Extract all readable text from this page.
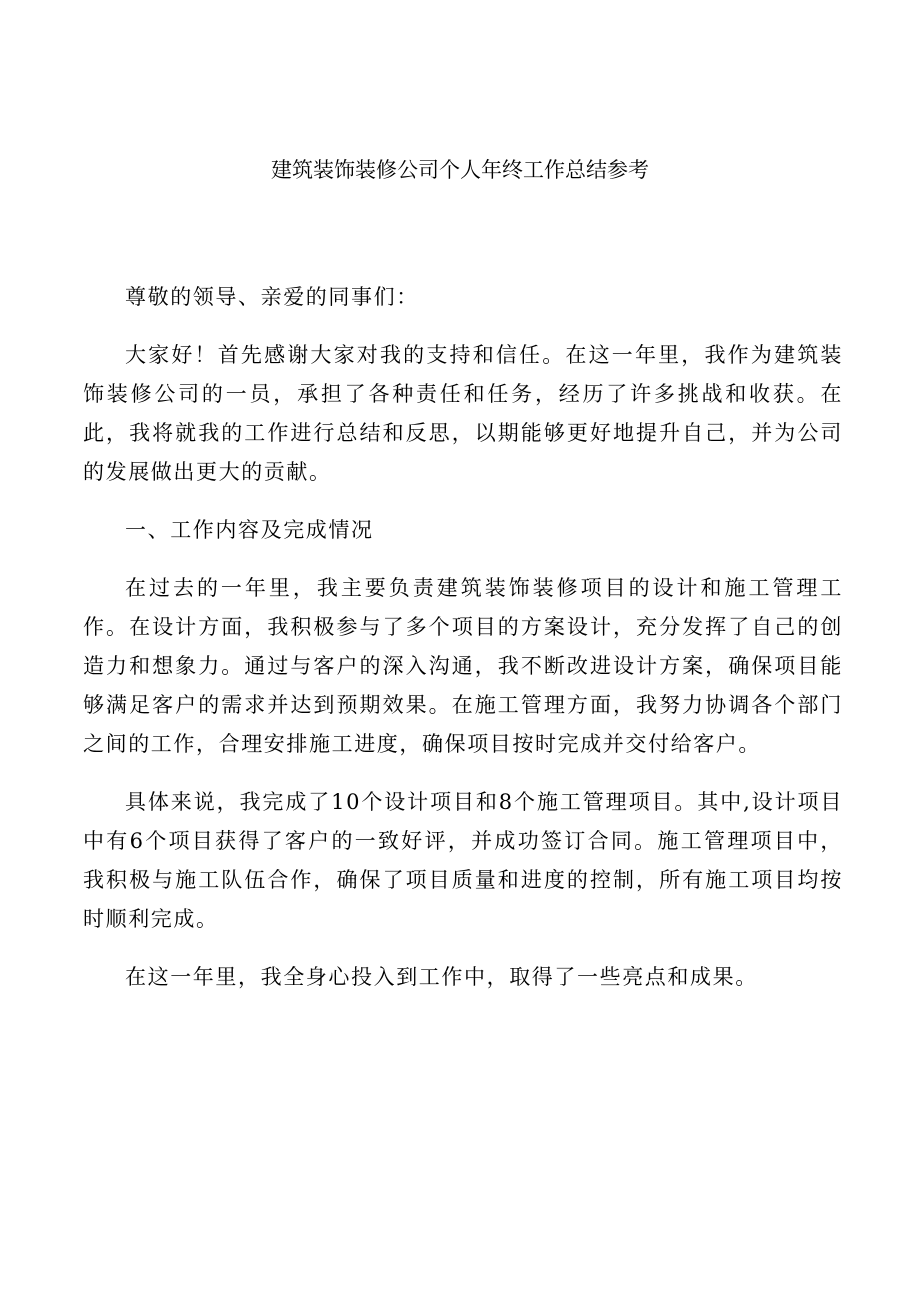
建筑装饰装修公司个人年终工作总结参考

尊敬的领导、亲爱的同事们：

大家好！首先感谢大家对我的支持和信任。在这一年里，我作为建筑装饰装修公司的一员，承担了各种责任和任务，经历了许多挑战和收获。在此，我将就我的工作进行总结和反思，以期能够更好地提升自己，并为公司的发展做出更大的贡献。

一、工作内容及完成情况

在过去的一年里，我主要负责建筑装饰装修项目的设计和施工管理工作。在设计方面，我积极参与了多个项目的方案设计，充分发挥了自己的创造力和想象力。通过与客户的深入沟通，我不断改进设计方案，确保项目能够满足客户的需求并达到预期效果。在施工管理方面，我努力协调各个部门之间的工作，合理安排施工进度，确保项目按时完成并交付给客户。

具体来说，我完成了10个设计项目和8个施工管理项目。其中,设计项目中有6个项目获得了客户的一致好评，并成功签订合同。施工管理项目中，我积极与施工队伍合作，确保了项目质量和进度的控制，所有施工项目均按时顺利完成。

在这一年里，我全身心投入到工作中，取得了一些亮点和成果。
